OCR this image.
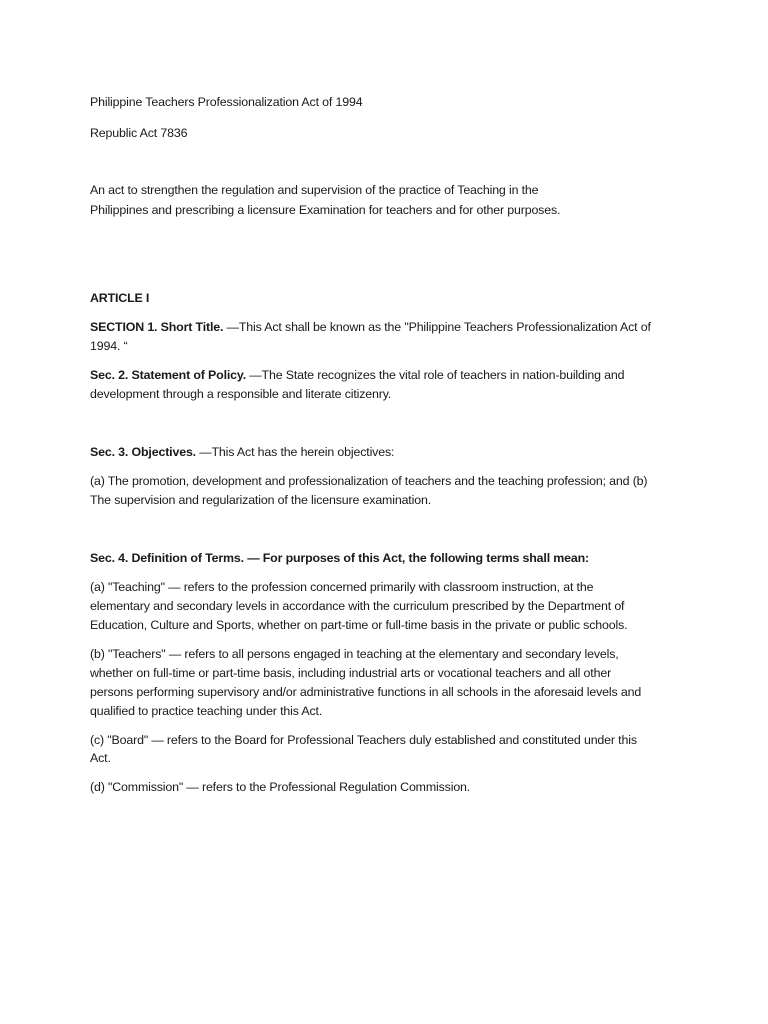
Philippine Teachers Professionalization Act of 1994
Republic Act 7836
An act to strengthen the regulation and supervision of the practice of Teaching in the
Philippines and prescribing a licensure Examination for teachers and for other purposes.
ARTICLE I
SECTION 1. Short Title. —This Act shall be known as the "Philippine Teachers Professionalization Act of
1994. “
Sec. 2. Statement of Policy. —The State recognizes the vital role of teachers in nation-building and
development through a responsible and literate citizenry.
Sec. 3. Objectives. —This Act has the herein objectives:
(a) The promotion, development and professionalization of teachers and the teaching profession; and (b)
The supervision and regularization of the licensure examination.
Sec. 4. Definition of Terms. — For purposes of this Act, the following terms shall mean:
(a) "Teaching" — refers to the profession concerned primarily with classroom instruction, at the
elementary and secondary levels in accordance with the curriculum prescribed by the Department of
Education, Culture and Sports, whether on part-time or full-time basis in the private or public schools.
(b) "Teachers" — refers to all persons engaged in teaching at the elementary and secondary levels,
whether on full-time or part-time basis, including industrial arts or vocational teachers and all other
persons performing supervisory and/or administrative functions in all schools in the aforesaid levels and
qualified to practice teaching under this Act.
(c) "Board" — refers to the Board for Professional Teachers duly established and constituted under this
Act.
(d) "Commission" — refers to the Professional Regulation Commission.
